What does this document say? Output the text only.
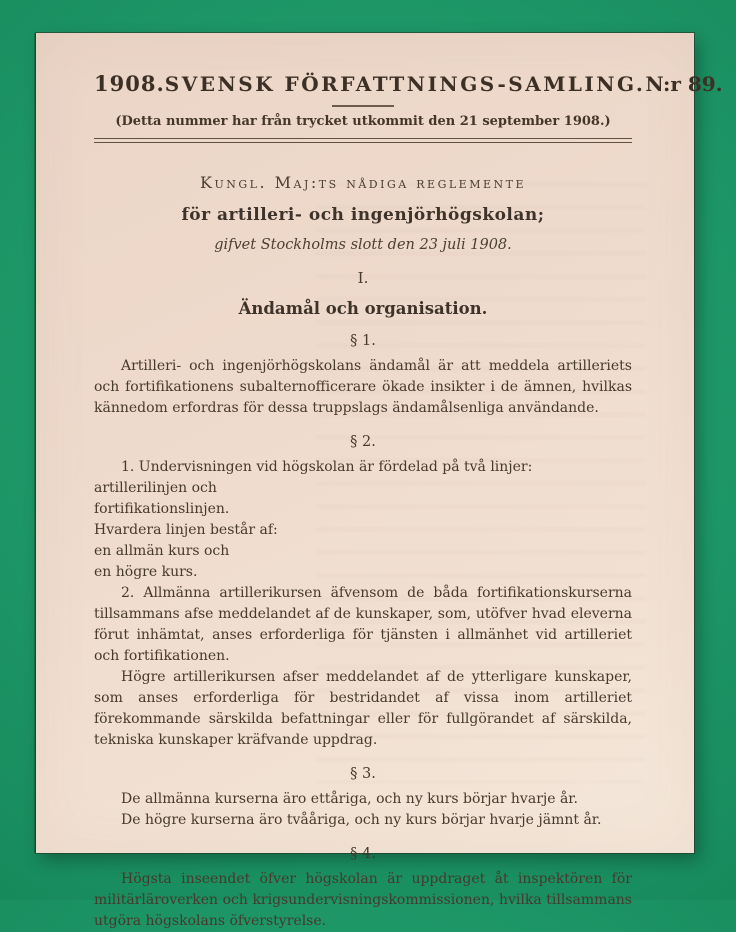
1908. SVENSK FÖRFATTNINGS-SAMLING. N:r 89.
(Detta nummer har från trycket utkommit den 21 september 1908.)
Kungl. Maj:ts nådiga reglemente
för artilleri- och ingenjörhögskolan;
gifvet Stockholms slott den 23 juli 1908.
I.
Ändamål och organisation.
§ 1.

Artilleri- och ingenjörhögskolans ändamål är att meddela artilleriets och fortifikationens subalternofficerare ökade insikter i de ämnen, hvilkas kännedom erfordras för dessa truppslags ändamålsenliga användande.

§ 2.

1. Undervisningen vid högskolan är fördelad på två linjer:

artillerilinjen och

fortifikationslinjen.

Hvardera linjen består af:

en allmän kurs och

en högre kurs.

2. Allmänna artillerikursen äfvensom de båda fortifikationskurserna tillsammans afse meddelandet af de kunskaper, som, utöfver hvad eleverna förut inhämtat, anses erforderliga för tjänsten i allmänhet vid artilleriet och fortifikationen.

Högre artillerikursen afser meddelandet af de ytterligare kunskaper, som anses erforderliga för bestridandet af vissa inom artilleriet förekommande särskilda befattningar eller för fullgörandet af särskilda, tekniska kunskaper kräfvande uppdrag.

§ 3.

De allmänna kurserna äro ettåriga, och ny kurs börjar hvarje år.

De högre kurserna äro tvååriga, och ny kurs börjar hvarje jämnt år.

§ 4.

Högsta inseendet öfver högskolan är uppdraget åt inspektören för militärläroverken och krigsundervisningskommissionen, hvilka tillsammans utgöra högskolans öfverstyrelse.
